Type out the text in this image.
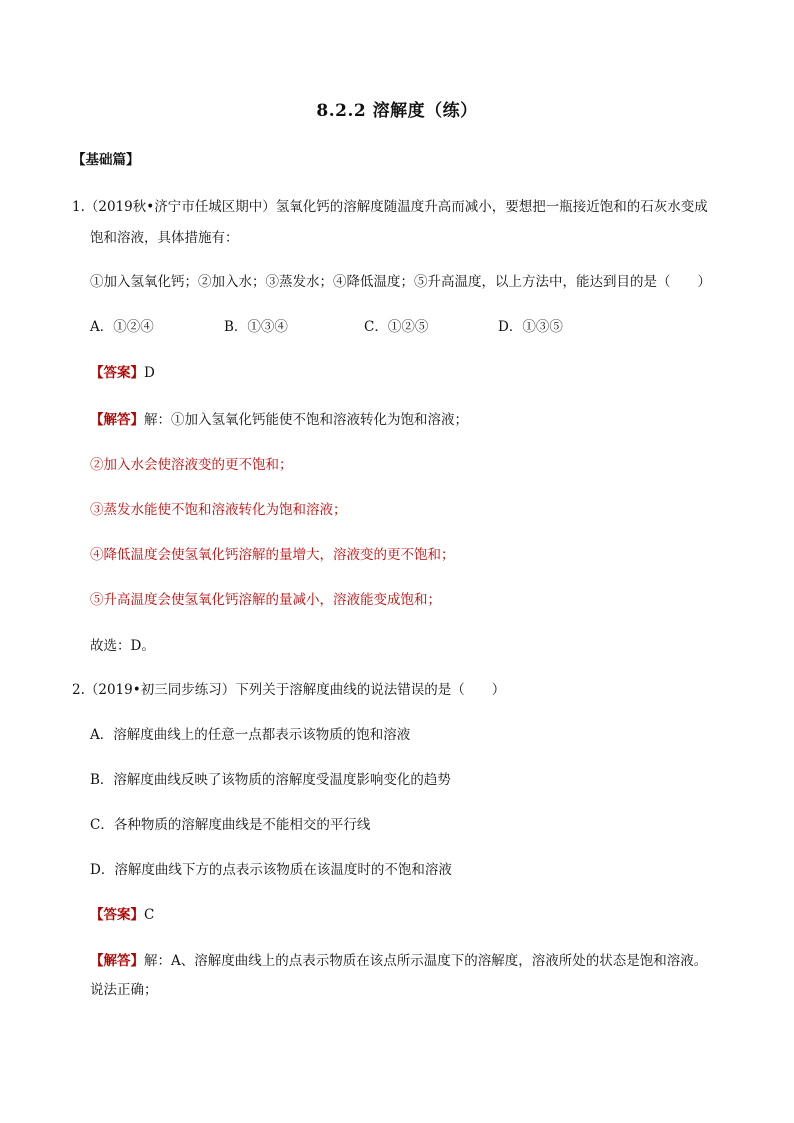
8.2.2 溶解度（练）
【基础篇】
1.（2019秋•济宁市任城区期中）氢氧化钙的溶解度随温度升高而减小，要想把一瓶接近饱和的石灰水变成
饱和溶液，具体措施有：
①加入氢氧化钙；②加入水；③蒸发水；④降低温度；⑤升高温度，以上方法中，能达到目的是（　　）
A．①②④	B．①③④	C．①②⑤	D．①③⑤
【答案】D
【解答】解：①加入氢氧化钙能使不饱和溶液转化为饱和溶液；
②加入水会使溶液变的更不饱和；
③蒸发水能使不饱和溶液转化为饱和溶液；
④降低温度会使氢氧化钙溶解的量增大，溶液变的更不饱和；
⑤升高温度会使氢氧化钙溶解的量减小，溶液能变成饱和；
故选：D。
2.（2019•初三同步练习）下列关于溶解度曲线的说法错误的是（　　）
A．溶解度曲线上的任意一点都表示该物质的饱和溶液
B．溶解度曲线反映了该物质的溶解度受温度影响变化的趋势
C．各种物质的溶解度曲线是不能相交的平行线
D．溶解度曲线下方的点表示该物质在该温度时的不饱和溶液
【答案】C
【解答】解：A、溶解度曲线上的点表示物质在该点所示温度下的溶解度，溶液所处的状态是饱和溶液。
说法正确；
